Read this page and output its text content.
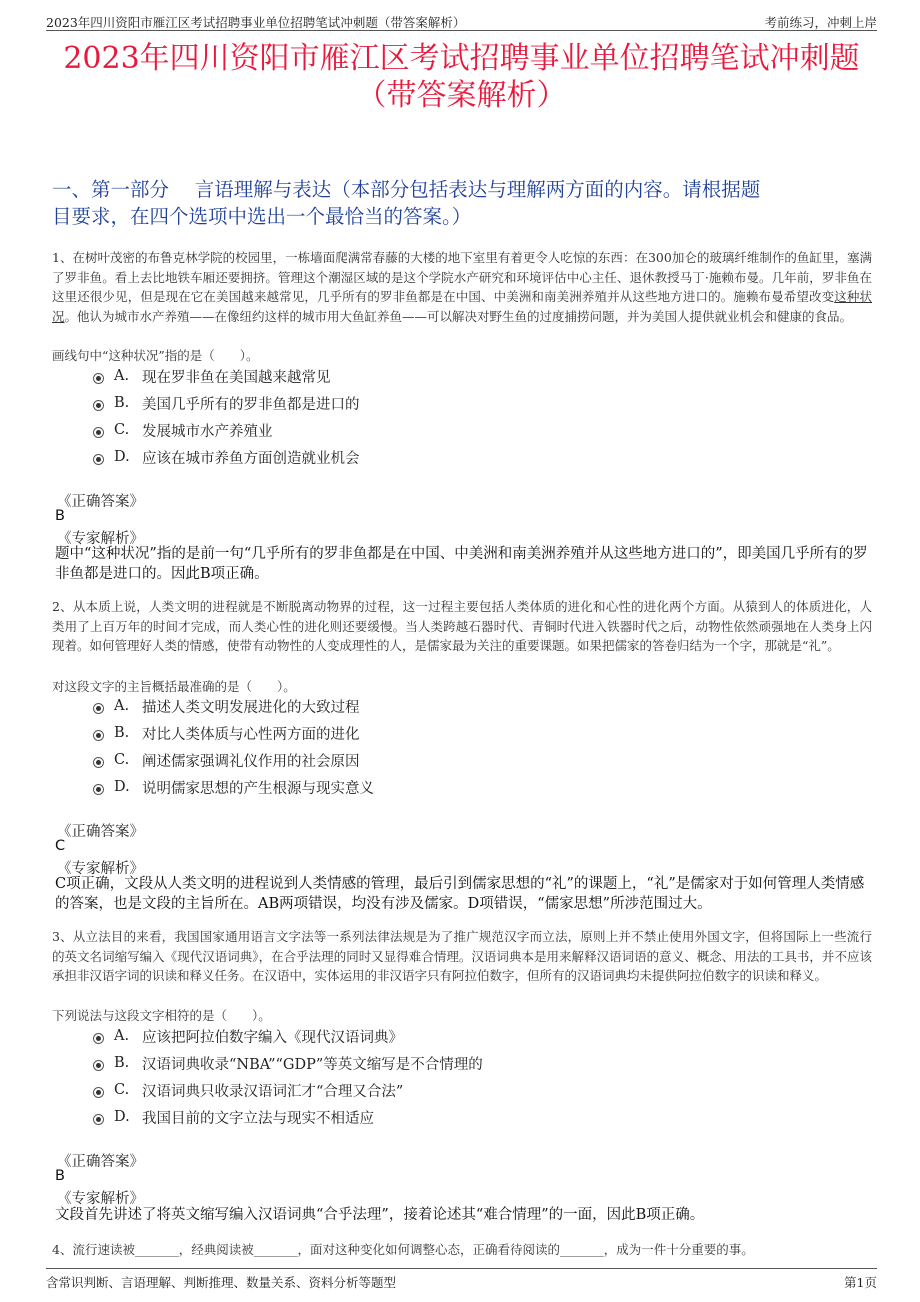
2023年四川资阳市雁江区考试招聘事业单位招聘笔试冲刺题（带答案解析）	考前练习，冲刺上岸
2023年四川资阳市雁江区考试招聘事业单位招聘笔试冲刺题
（带答案解析）
一、第一部分　 言语理解与表达（本部分包括表达与理解两方面的内容。请根据题
目要求，在四个选项中选出一个最恰当的答案。）
1、在树叶茂密的布鲁克林学院的校园里，一栋墙面爬满常春藤的大楼的地下室里有着更令人吃惊的东西：在300加仑的玻璃纤维制作的鱼缸里，塞满了罗非鱼。看上去比地铁车厢还要拥挤。管理这个潮湿区域的是这个学院水产研究和环境评估中心主任、退休教授马丁·施赖布曼。几年前，罗非鱼在这里还很少见，但是现在它在美国越来越常见，几乎所有的罗非鱼都是在中国、中美洲和南美洲养殖并从这些地方进口的。施赖布曼希望改变这种状况。他认为城市水产养殖——在像纽约这样的城市用大鱼缸养鱼——可以解决对野生鱼的过度捕捞问题，并为美国人提供就业机会和健康的食品。
画线句中“这种状况”指的是（　　）。
A. 现在罗非鱼在美国越来越常见
B. 美国几乎所有的罗非鱼都是进口的
C. 发展城市水产养殖业
D. 应该在城市养鱼方面创造就业机会
《正确答案》
B
《专家解析》
题中“这种状况”指的是前一句“几乎所有的罗非鱼都是在中国、中美洲和南美洲养殖并从这些地方进口的”，即美国几乎所有的罗非鱼都是进口的。因此B项正确。
2、从本质上说，人类文明的进程就是不断脱离动物界的过程，这一过程主要包括人类体质的进化和心性的进化两个方面。从猿到人的体质进化，人类用了上百万年的时间才完成，而人类心性的进化则还要缓慢。当人类跨越石器时代、青铜时代进入铁器时代之后，动物性依然顽强地在人类身上闪现着。如何管理好人类的情感，使带有动物性的人变成理性的人，是儒家最为关注的重要课题。如果把儒家的答卷归结为一个字，那就是“礼”。
对这段文字的主旨概括最准确的是（　　）。
A. 描述人类文明发展进化的大致过程
B. 对比人类体质与心性两方面的进化
C. 阐述儒家强调礼仪作用的社会原因
D. 说明儒家思想的产生根源与现实意义
《正确答案》
C
《专家解析》
C项正确，文段从人类文明的进程说到人类情感的管理，最后引到儒家思想的“礼”的课题上，“礼”是儒家对于如何管理人类情感的答案，也是文段的主旨所在。AB两项错误，均没有涉及儒家。D项错误，“儒家思想”所涉范围过大。
3、从立法目的来看，我国国家通用语言文字法等一系列法律法规是为了推广规范汉字而立法，原则上并不禁止使用外国文字，但将国际上一些流行的英文名词缩写编入《现代汉语词典》，在合乎法理的同时又显得难合情理。汉语词典本是用来解释汉语词语的意义、概念、用法的工具书，并不应该承担非汉语字词的识读和释义任务。在汉语中，实体运用的非汉语字只有阿拉伯数字，但所有的汉语词典均未提供阿拉伯数字的识读和释义。
下列说法与这段文字相符的是（　　）。
A. 应该把阿拉伯数字编入《现代汉语词典》
B. 汉语词典收录“NBA”“GDP”等英文缩写是不合情理的
C. 汉语词典只收录汉语词汇才“合理又合法”
D. 我国目前的文字立法与现实不相适应
《正确答案》
B
《专家解析》
文段首先讲述了将英文缩写编入汉语词典“合乎法理”，接着论述其“难合情理”的一面，因此B项正确。
4、流行速读被_______，经典阅读被_______，面对这种变化如何调整心态，正确看待阅读的_______，成为一件十分重要的事。
含常识判断、言语理解、判断推理、数量关系、资料分析等题型	第1页
